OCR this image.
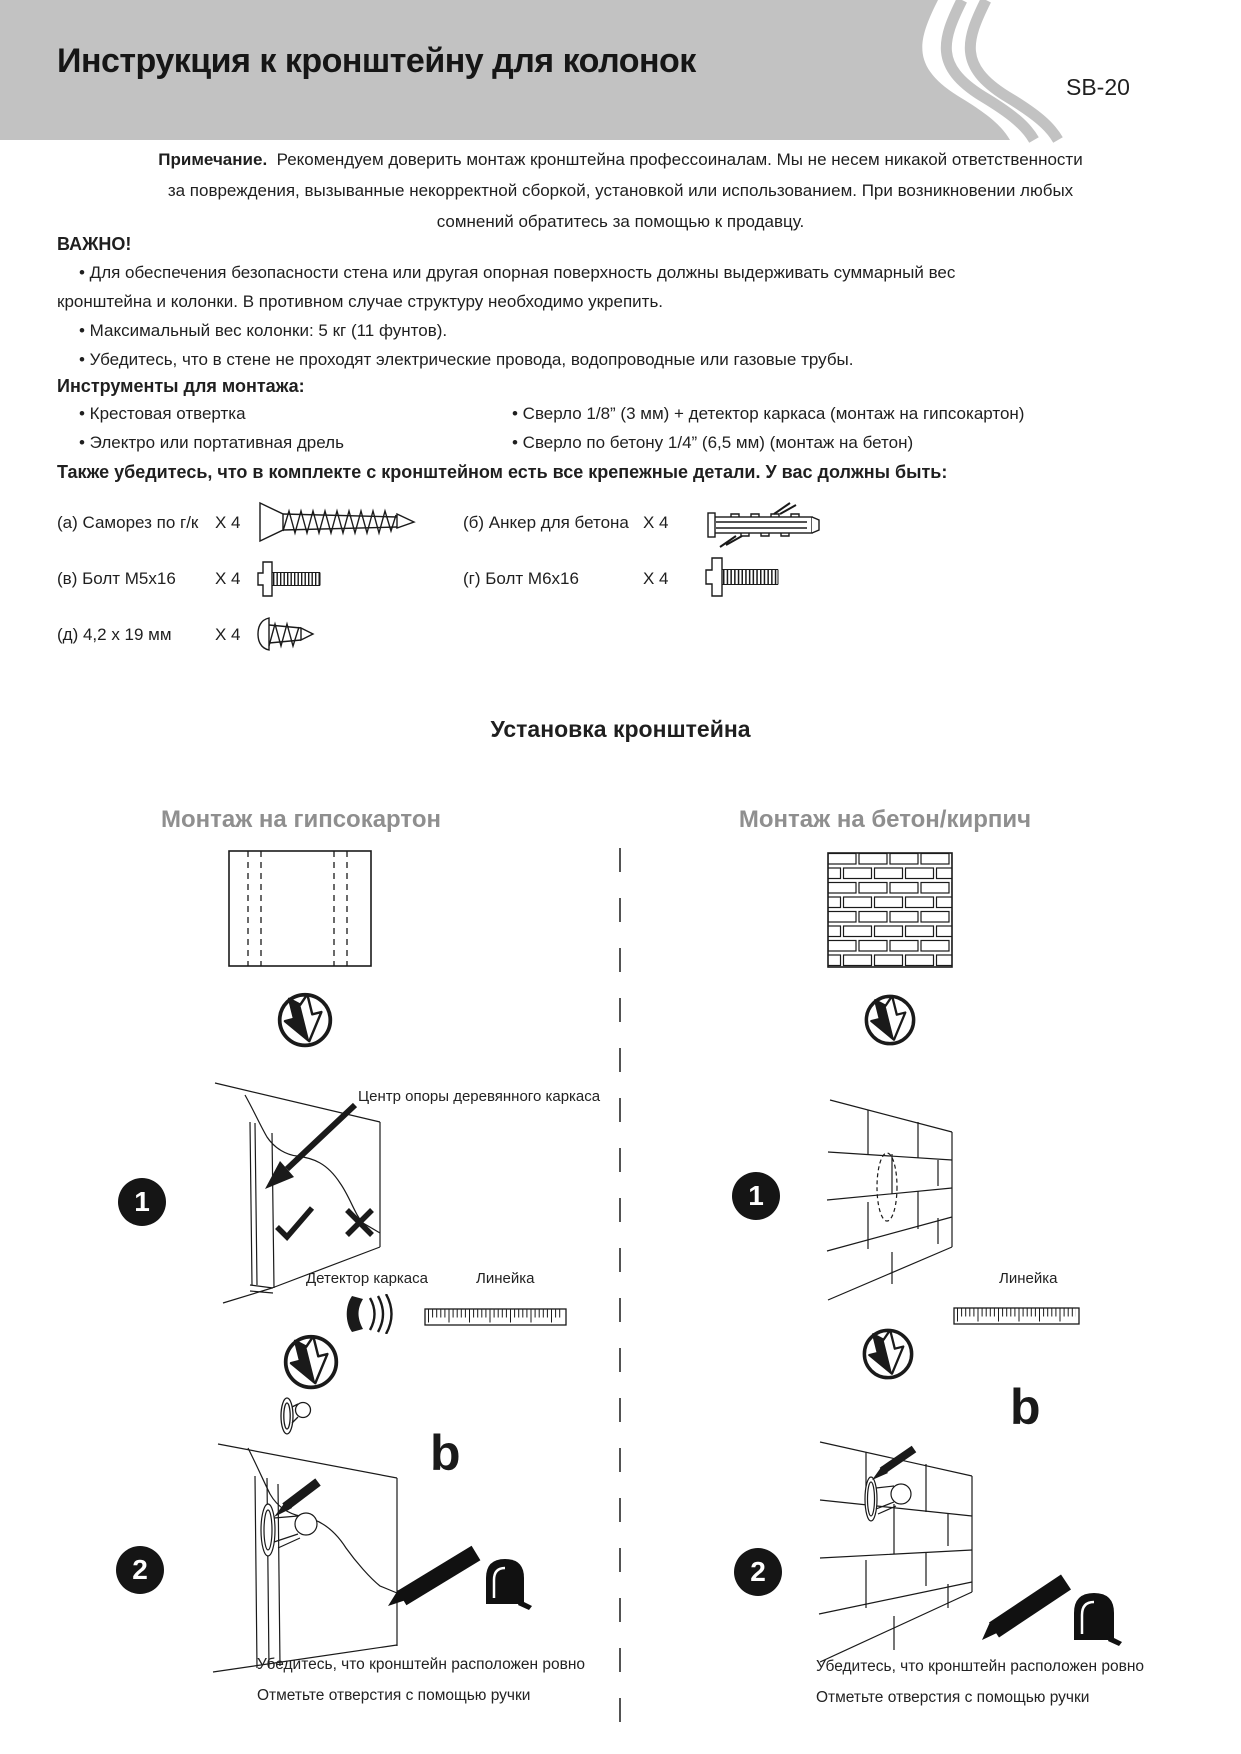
Инструкция к кронштейну для колонок
SB-20
Примечание. Рекомендуем доверить монтаж кронштейна профессоиналам. Мы не несем никакой ответственности
за повреждения, вызыванные некорректной сборкой, установкой или использованием. При возникновении любых
сомнений обратитесь за помощью к продавцу.
ВАЖНО!
• Для обеспечения безопасности стена или другая опорная поверхность должны выдерживать суммарный вес
кронштейна и колонки. В противном случае структуру необходимо укрепить.
• Максимальный вес колонки: 5 кг (11 фунтов).
• Убедитесь, что в стене не проходят электрические провода, водопроводные или газовые трубы.
Инструменты для монтажа:
• Крестовая отвертка
• Электро или портативная дрель
• Сверло 1/8” (3 мм) + детектор каркаса (монтаж на гипсокартон)
• Сверло по бетону 1/4” (6,5 мм) (монтаж на бетон)
Также убедитесь, что в комплекте с кронштейном есть все крепежные детали. У вас должны быть:
(а) Саморез по г/к X 4	(б) Анкер для бетона X 4
(в) Болт M5x16 X 4	(г) Болт M6x16	X 4
(д) 4,2 x 19 мм	X 4
Установка кронштейна
Монтаж на гипсокартон	Монтаж на бетон/кирпич
1	1
2	2
Центр опоры деревянного каркаса
Детектор каркаса	Линейка
b
Убедитесь, что кронштейн расположен ровно
Отметьте отверстия с помощью ручки
Линейка
b
Убедитесь, что кронштейн расположен ровно
Отметьте отверстия с помощью ручки
